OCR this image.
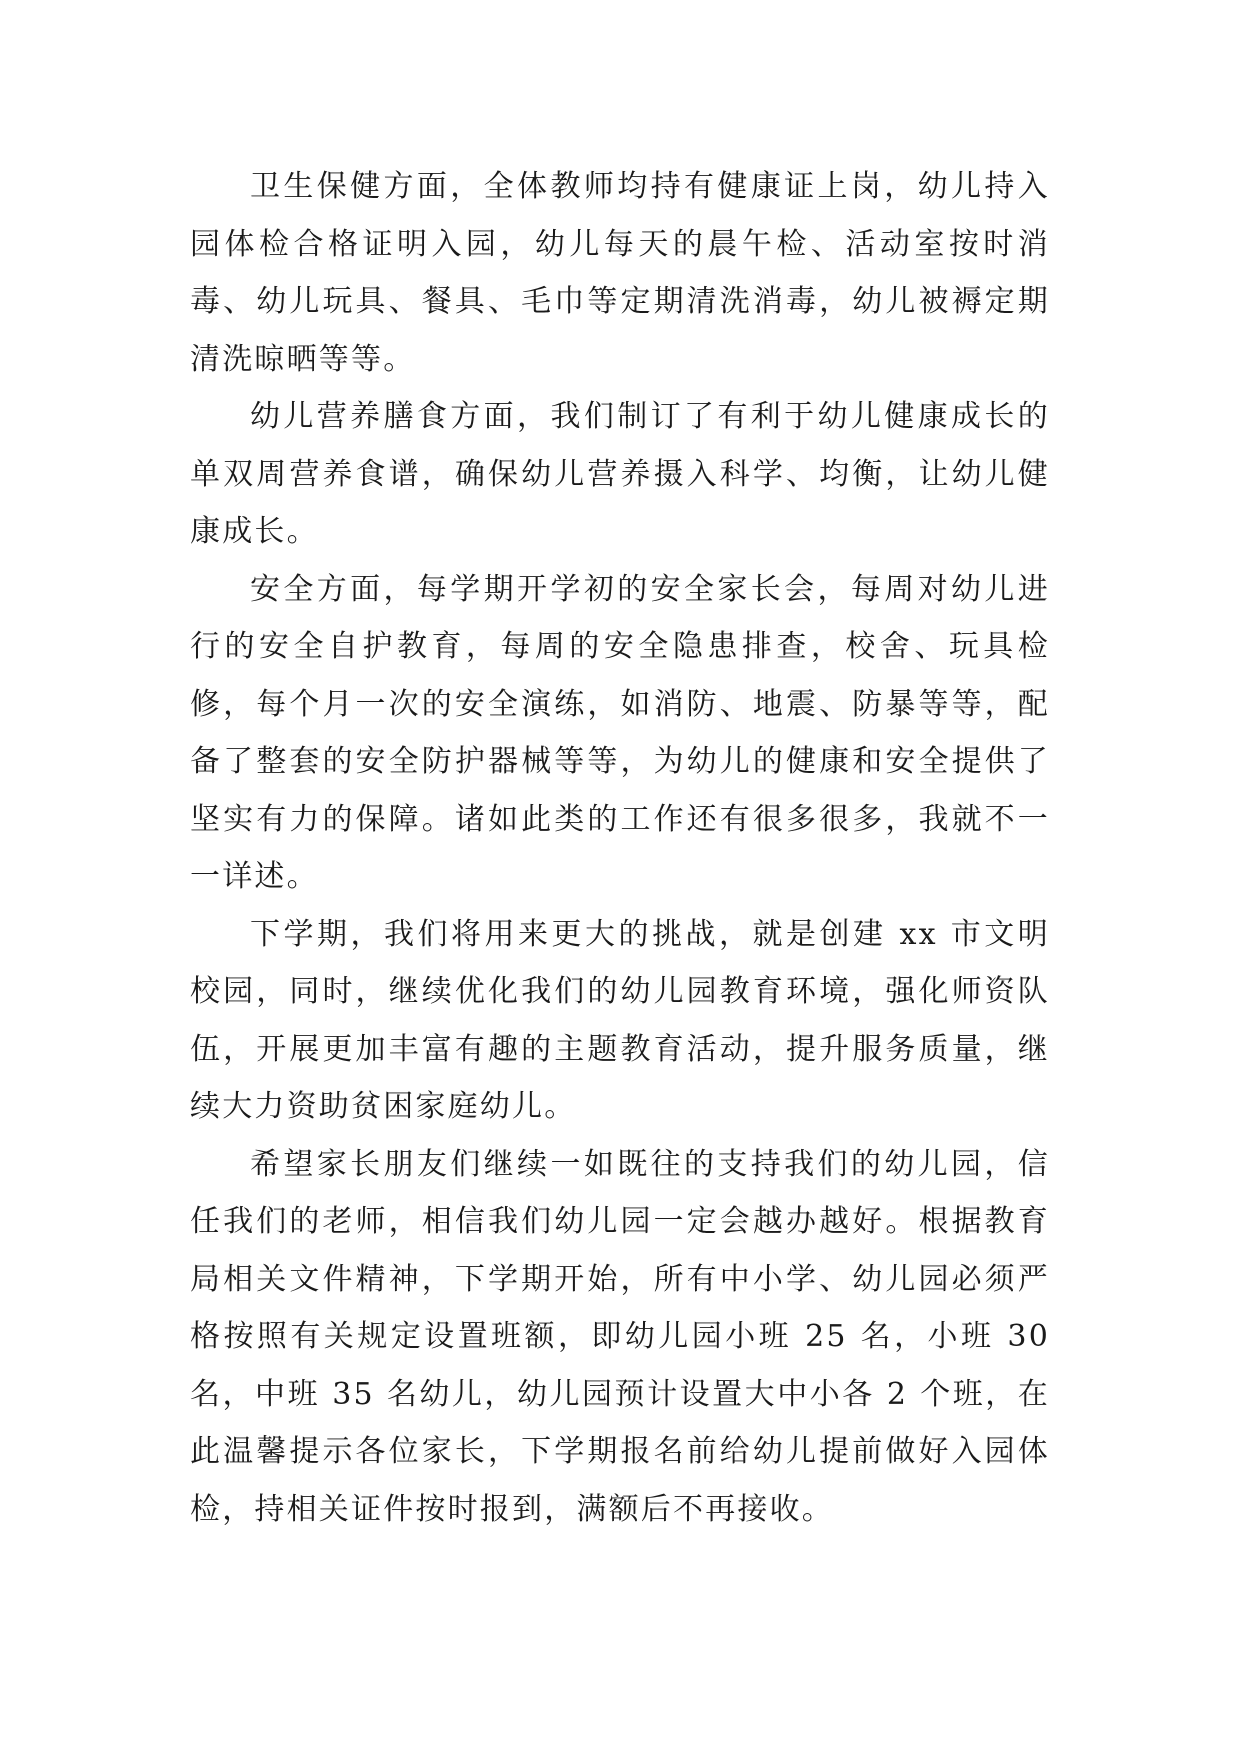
卫生保健方面，全体教师均持有健康证上岗，幼儿持入园体检合格证明入园，幼儿每天的晨午检、活动室按时消毒、幼儿玩具、餐具、毛巾等定期清洗消毒，幼儿被褥定期清洗晾晒等等。

幼儿营养膳食方面，我们制订了有利于幼儿健康成长的单双周营养食谱，确保幼儿营养摄入科学、均衡，让幼儿健康成长。

安全方面，每学期开学初的安全家长会，每周对幼儿进行的安全自护教育，每周的安全隐患排查，校舍、玩具检修，每个月一次的安全演练，如消防、地震、防暴等等，配备了整套的安全防护器械等等，为幼儿的健康和安全提供了坚实有力的保障。诸如此类的工作还有很多很多，我就不一一详述。

下学期，我们将用来更大的挑战，就是创建 xx 市文明校园，同时，继续优化我们的幼儿园教育环境，强化师资队伍，开展更加丰富有趣的主题教育活动，提升服务质量，继续大力资助贫困家庭幼儿。

希望家长朋友们继续一如既往的支持我们的幼儿园，信任我们的老师，相信我们幼儿园一定会越办越好。根据教育局相关文件精神，下学期开始，所有中小学、幼儿园必须严格按照有关规定设置班额，即幼儿园小班 25 名，小班 30 名，中班 35 名幼儿，幼儿园预计设置大中小各 2 个班，在此温馨提示各位家长，下学期报名前给幼儿提前做好入园体检，持相关证件按时报到，满额后不再接收。
